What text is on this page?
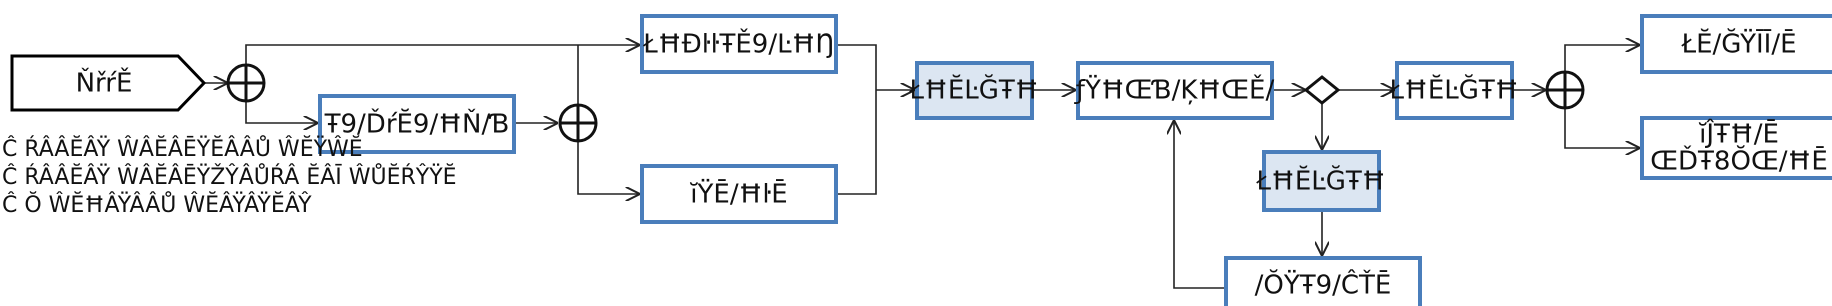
ŇřŕĚ
Ŧ9/ĎŕĔ9/ĦŇ/Ɓ
ŁĦƉŀŀŦĚ9/ĿĦŊ
ĭŸĒ/ĦŀĒ
ŁĦĔĿĞŦĦ ƒŸĦŒƁ/ĶĦŒĚ/	ŁĦĔĿĞŦĦ
ŁĦĔĿĞŦĦ
/ŎŸŦ9/ĈŤĒ
ŁĔ/ĞŸĪĪ/Ē
ĭĴŦĦ/Ē
ŒĎŦ8ŎŒ/ĦĒ
Ĉ ŔÂÂĔÂŸ ŴÂĔÂĒŸĔÂÂŮ ŴĔŸŴĔ
Ĉ ŔÂÂĔÂŸ ŴÂĔÂĒŸŽŶÂŮŔÂ ĔÂĪ ŴŮĔŔŶŸĔ
Ĉ Ŏ ŴĔĦÂŸÂÂŮ ŴĔÂŸÂŸĔÂŶ
